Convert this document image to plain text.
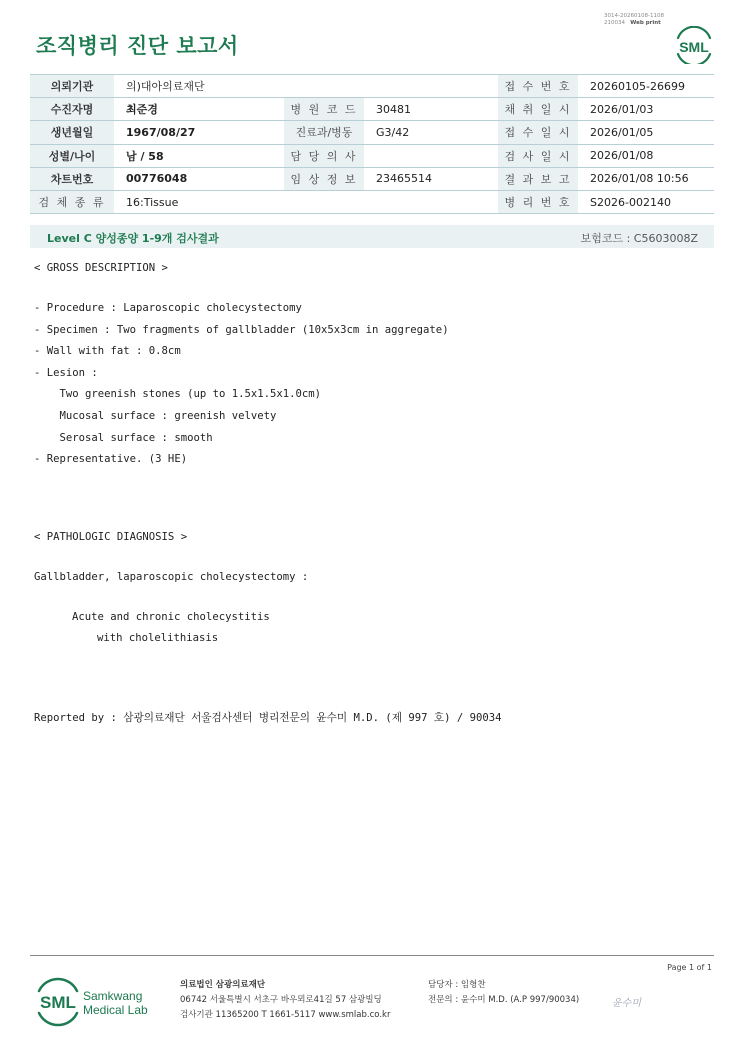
조직병리 진단 보고서
3014-20260108-1108
210034 Web print
SML
의뢰기관	의)대아의료재단			접 수 번 호	20260105-26699
수진자명	최준경	병 원 코 드	30481	채 취 일 시	2026/01/03
생년월일	1967/08/27	진료과/병동	G3/42	접 수 일 시	2026/01/05
성별/나이	남 / 58	담 당 의 사		검 사 일 시	2026/01/08
차트번호	00776048	임 상 정 보	23465514	결 과 보 고	2026/01/08 10:56
검 체 종 류	16:Tissue			병 리 번 호	S2026-002140
Level C 양성종양 1-9개 검사결과	보험코드 : C5603008Z
< GROSS DESCRIPTION >
- Procedure : Laparoscopic cholecystectomy
- Specimen : Two fragments of gallbladder (10x5x3cm in aggregate)
- Wall with fat : 0.8cm
- Lesion :
Two greenish stones (up to 1.5x1.5x1.0cm)
Mucosal surface : greenish velvety
Serosal surface : smooth
- Representative. (3 HE)
< PATHOLOGIC DIAGNOSIS >
Gallbladder, laparoscopic cholecystectomy :
Acute and chronic cholecystitis
with cholelithiasis
Reported by : 삼광의료재단 서울검사센터 병리전문의 윤수미 M.D. (제 997 호) / 90034
Page 1 of 1
SML Samkwang
Medical Lab
의료법인 삼광의료재단
06742 서울특별시 서초구 바우뫼로41길 57 삼광빌딩
검사기관 11365200 T 1661-5117 www.smlab.co.kr
담당자 : 임형찬
전문의 : 윤수미 M.D. (A.P 997/90034)	윤수미
